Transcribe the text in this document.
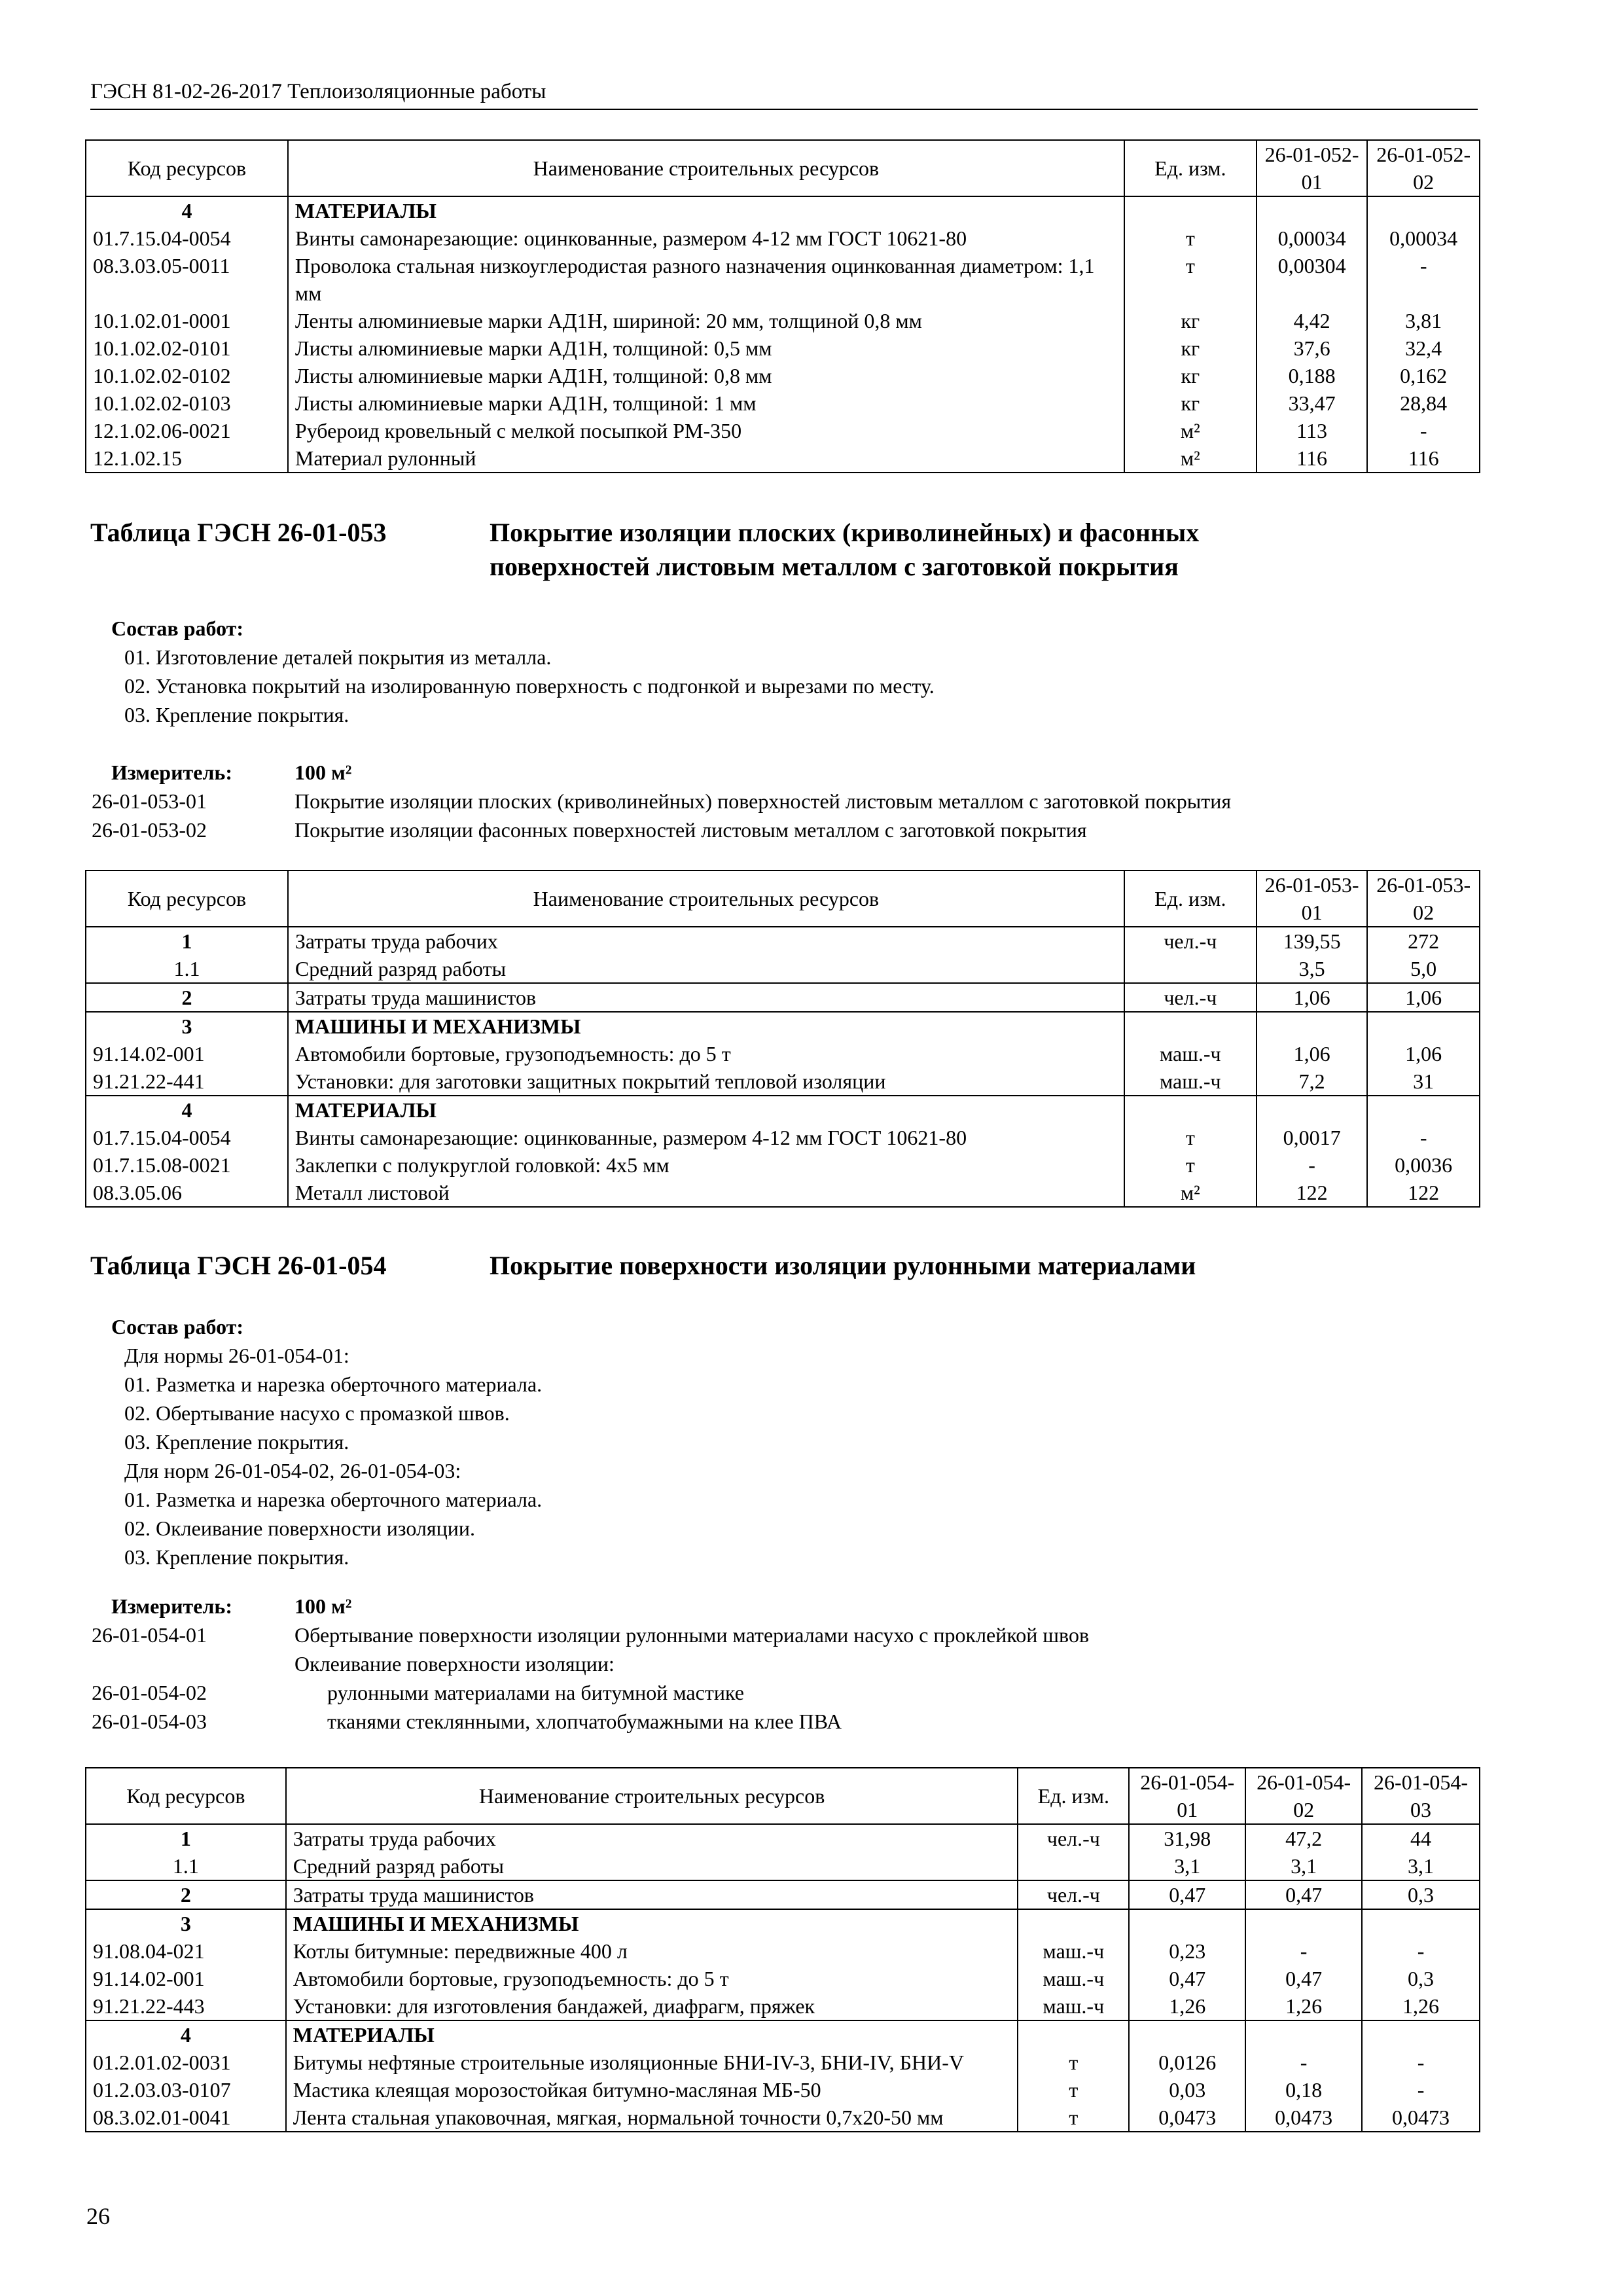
ГЭСН 81-02-26-2017 Теплоизоляционные работы
Код ресурсов	Наименование строительных ресурсов	Ед. изм.	26-01-052-01	26-01-052-02
4	МАТЕРИАЛЫ			
01.7.15.04-0054	Винты самонарезающие: оцинкованные, размером 4-12 мм ГОСТ 10621-80	т	0,00034	0,00034
08.3.03.05-0011	Проволока стальная низкоуглеродистая разного назначения оцинкованная диаметром: 1,1 мм	т	0,00304	-
10.1.02.01-0001	Ленты алюминиевые марки АД1Н, шириной: 20 мм, толщиной 0,8 мм	кг	4,42	3,81
10.1.02.02-0101	Листы алюминиевые марки АД1Н, толщиной: 0,5 мм	кг	37,6	32,4
10.1.02.02-0102	Листы алюминиевые марки АД1Н, толщиной: 0,8 мм	кг	0,188	0,162
10.1.02.02-0103	Листы алюминиевые марки АД1Н, толщиной: 1 мм	кг	33,47	28,84
12.1.02.06-0021	Рубероид кровельный с мелкой посыпкой РМ-350	м²	113	-
12.1.02.15	Материал рулонный	м²	116	116
Таблица ГЭСН 26-01-053	Покрытие изоляции плоских (криволинейных) и фасонных
поверхностей листовым металлом с заготовкой покрытия
Состав работ:
01. Изготовление деталей покрытия из металла.
02. Установка покрытий на изолированную поверхность с подгонкой и вырезами по месту.
03. Крепление покрытия.
Измеритель:	100 м²
26-01-053-01	Покрытие изоляции плоских (криволинейных) поверхностей листовым металлом с заготовкой покрытия
26-01-053-02	Покрытие изоляции фасонных поверхностей листовым металлом с заготовкой покрытия
Код ресурсов	Наименование строительных ресурсов	Ед. изм.	26-01-053-01	26-01-053-02
1	Затраты труда рабочих	чел.-ч	139,55	272
1.1	Средний разряд работы		3,5	5,0
2	Затраты труда машинистов	чел.-ч	1,06	1,06
3	МАШИНЫ И МЕХАНИЗМЫ			
91.14.02-001	Автомобили бортовые, грузоподъемность: до 5 т	маш.-ч	1,06	1,06
91.21.22-441	Установки: для заготовки защитных покрытий тепловой изоляции	маш.-ч	7,2	31
4	МАТЕРИАЛЫ			
01.7.15.04-0054	Винты самонарезающие: оцинкованные, размером 4-12 мм ГОСТ 10621-80	т	0,0017	-
01.7.15.08-0021	Заклепки с полукруглой головкой: 4х5 мм	т	-	0,0036
08.3.05.06	Металл листовой	м²	122	122
Таблица ГЭСН 26-01-054	Покрытие поверхности изоляции рулонными материалами
Состав работ:
Для нормы 26-01-054-01:
01. Разметка и нарезка оберточного материала.
02. Обертывание насухо с промазкой швов.
03. Крепление покрытия.
Для норм 26-01-054-02, 26-01-054-03:
01. Разметка и нарезка оберточного материала.
02. Оклеивание поверхности изоляции.
03. Крепление покрытия.
Измеритель:	100 м²
26-01-054-01	Обертывание поверхности изоляции рулонными материалами насухо с проклейкой швов
Оклеивание поверхности изоляции:
26-01-054-02	рулонными материалами на битумной мастике
26-01-054-03	тканями стеклянными, хлопчатобумажными на клее ПВА
Код ресурсов	Наименование строительных ресурсов	Ед. изм.	26-01-054-01	26-01-054-02	26-01-054-03
1	Затраты труда рабочих	чел.-ч	31,98	47,2	44
1.1	Средний разряд работы		3,1	3,1	3,1
2	Затраты труда машинистов	чел.-ч	0,47	0,47	0,3
3	МАШИНЫ И МЕХАНИЗМЫ				
91.08.04-021	Котлы битумные: передвижные 400 л	маш.-ч	0,23	-	-
91.14.02-001	Автомобили бортовые, грузоподъемность: до 5 т	маш.-ч	0,47	0,47	0,3
91.21.22-443	Установки: для изготовления бандажей, диафрагм, пряжек	маш.-ч	1,26	1,26	1,26
4	МАТЕРИАЛЫ				
01.2.01.02-0031	Битумы нефтяные строительные изоляционные БНИ-IV-3, БНИ-IV, БНИ-V	т	0,0126	-	-
01.2.03.03-0107	Мастика клеящая морозостойкая битумно-масляная МБ-50	т	0,03	0,18	-
08.3.02.01-0041	Лента стальная упаковочная, мягкая, нормальной точности 0,7х20-50 мм	т	0,0473	0,0473	0,0473
26
